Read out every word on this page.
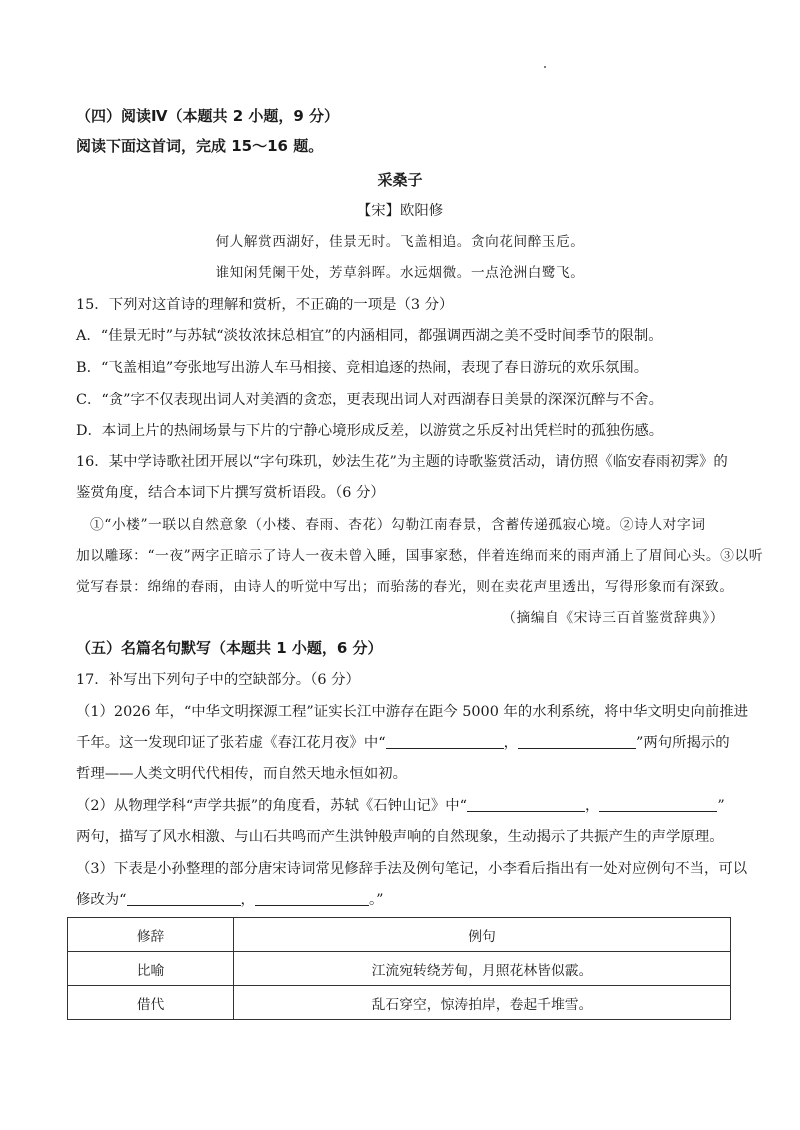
（四）阅读Ⅳ（本题共 2 小题，9 分）
阅读下面这首词，完成 15～16 题。
采桑子
【宋】欧阳修
何人解赏西湖好，佳景无时。飞盖相追。贪向花间醉玉卮。
谁知闲凭阑干处，芳草斜晖。水远烟微。一点沧洲白鹭飞。
15．下列对这首诗的理解和赏析，不正确的一项是（3 分）
A．“佳景无时”与苏轼“淡妆浓抹总相宜”的内涵相同，都强调西湖之美不受时间季节的限制。
B．“飞盖相追”夸张地写出游人车马相接、竞相追逐的热闹，表现了春日游玩的欢乐氛围。
C．“贪”字不仅表现出词人对美酒的贪恋，更表现出词人对西湖春日美景的深深沉醉与不舍。
D．本词上片的热闹场景与下片的宁静心境形成反差，以游赏之乐反衬出凭栏时的孤独伤感。
16．某中学诗歌社团开展以“字句珠玑，妙法生花”为主题的诗歌鉴赏活动，请仿照《临安春雨初霁》的
鉴赏角度，结合本词下片撰写赏析语段。（6 分）
①“小楼”一联以自然意象（小楼、春雨、杏花）勾勒江南春景，含蓄传递孤寂心境。②诗人对字词
加以雕琢：“一夜”两字正暗示了诗人一夜未曾入睡，国事家愁，伴着连绵而来的雨声涌上了眉间心头。③以听
觉写春景：绵绵的春雨，由诗人的听觉中写出；而骀荡的春光，则在卖花声里透出，写得形象而有深致。
（摘编自《宋诗三百首鉴赏辞典》）
（五）名篇名句默写（本题共 1 小题，6 分）
17．补写出下列句子中的空缺部分。（6 分）
（1）2026 年，“中华文明探源工程”证实长江中游存在距今 5000 年的水利系统，将中华文明史向前推进
千年。这一发现印证了张若虚《春江花月夜》中“	，	”两句所揭示的
哲理——人类文明代代相传，而自然天地永恒如初。
（2）从物理学科“声学共振”的角度看，苏轼《石钟山记》中“	，	”
两句，描写了风水相激、与山石共鸣而产生洪钟般声响的自然现象，生动揭示了共振产生的声学原理。
（3）下表是小孙整理的部分唐宋诗词常见修辞手法及例句笔记，小李看后指出有一处对应例句不当，可以
修改为“	，	。”
修辞	例句
比喻	江流宛转绕芳甸，月照花林皆似霰。
借代	乱石穿空，惊涛拍岸，卷起千堆雪。
